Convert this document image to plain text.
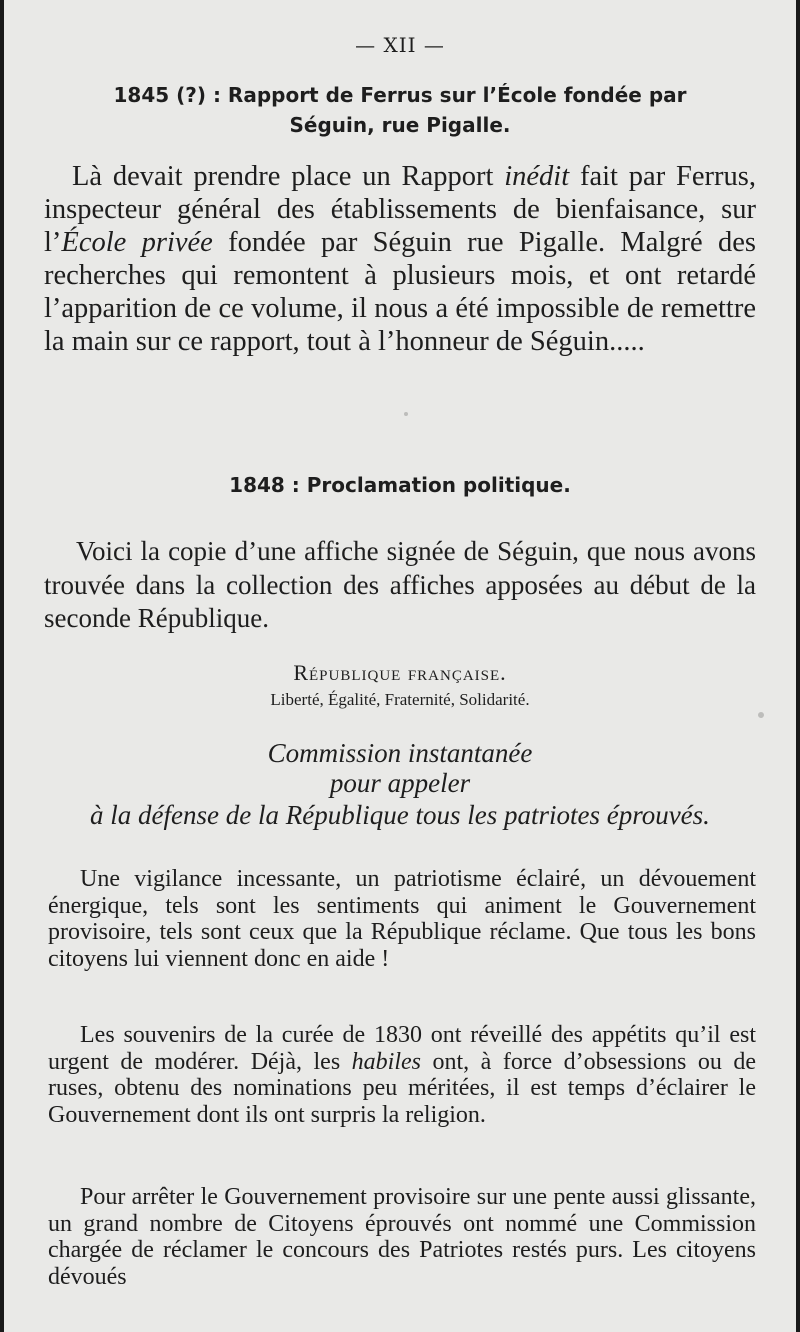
— XII —
1845 (?) : Rapport de Ferrus sur l’École fondée par
Séguin, rue Pigalle.
Là devait prendre place un Rapport inédit fait par Ferrus, inspecteur général des établissements de bienfaisance, sur l’École privée fondée par Séguin rue Pigalle. Malgré des recherches qui remontent à plusieurs mois, et ont retardé l’apparition de ce volume, il nous a été impossible de remettre la main sur ce rapport, tout à l’honneur de Séguin.....
1848 : Proclamation politique.
Voici la copie d’une affiche signée de Séguin, que nous avons trouvée dans la collection des affiches apposées au début de la seconde République.
République française.
Liberté, Égalité, Fraternité, Solidarité.
Commission instantanée
pour appeler
à la défense de la République tous les patriotes éprouvés.
Une vigilance incessante, un patriotisme éclairé, un dévouement énergique, tels sont les sentiments qui animent le Gouvernement provisoire, tels sont ceux que la République réclame. Que tous les bons citoyens lui viennent donc en aide !
Les souvenirs de la curée de 1830 ont réveillé des appétits qu’il est urgent de modérer. Déjà, les habiles ont, à force d’obsessions ou de ruses, obtenu des nominations peu méritées, il est temps d’éclairer le Gouvernement dont ils ont surpris la religion.
Pour arrêter le Gouvernement provisoire sur une pente aussi glissante, un grand nombre de Citoyens éprouvés ont nommé une Commission chargée de réclamer le concours des Patriotes restés purs. Les citoyens dévoués
